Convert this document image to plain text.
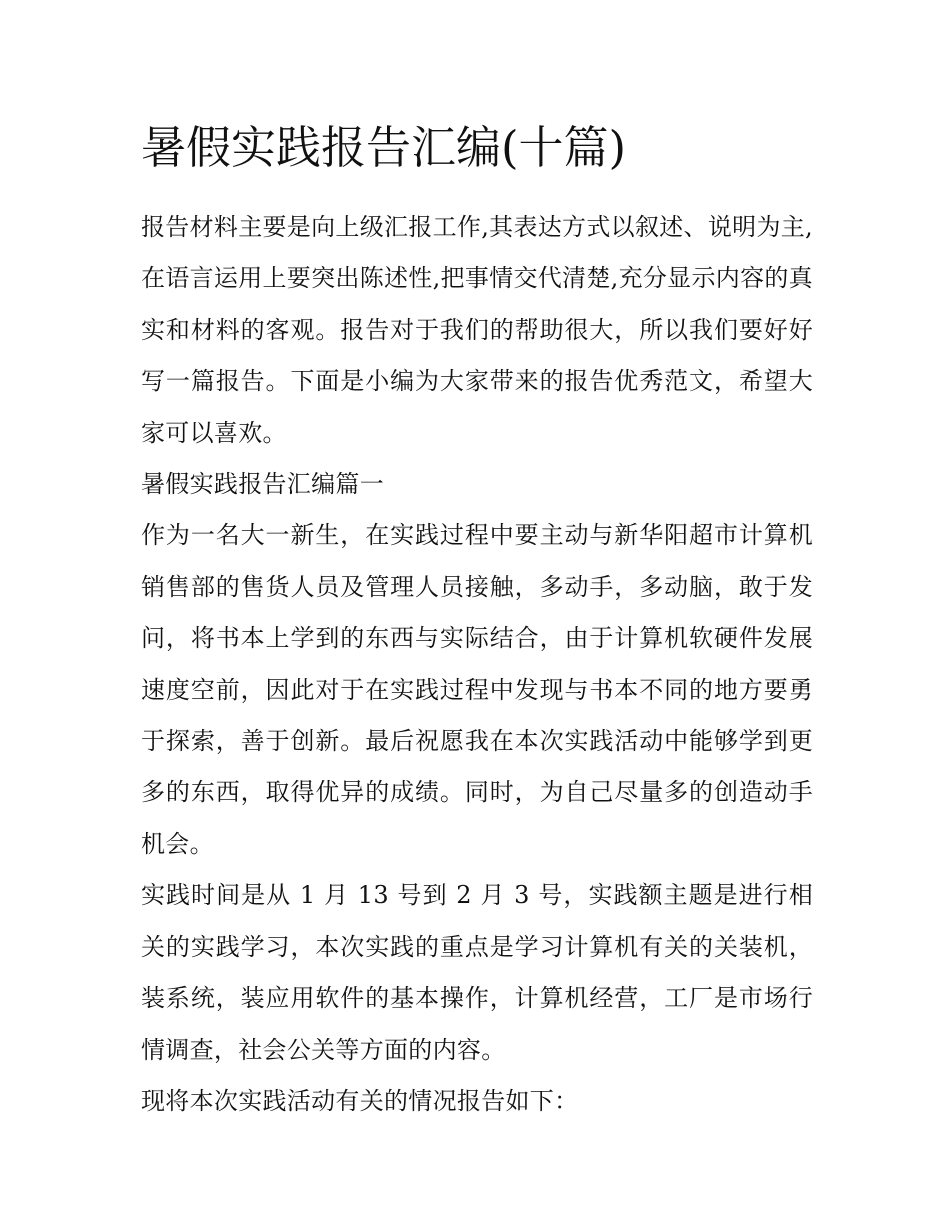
暑假实践报告汇编(十篇)

报告材料主要是向上级汇报工作,其表达方式以叙述、说明为主,在语言运用上要突出陈述性,把事情交代清楚,充分显示内容的真实和材料的客观。报告对于我们的帮助很大，所以我们要好好写一篇报告。下面是小编为大家带来的报告优秀范文，希望大家可以喜欢。

暑假实践报告汇编篇一

作为一名大一新生，在实践过程中要主动与新华阳超市计算机销售部的售货人员及管理人员接触，多动手，多动脑，敢于发问，将书本上学到的东西与实际结合，由于计算机软硬件发展速度空前，因此对于在实践过程中发现与书本不同的地方要勇于探索，善于创新。最后祝愿我在本次实践活动中能够学到更多的东西，取得优异的成绩。同时，为自己尽量多的创造动手机会。

实践时间是从 1 月 13 号到 2 月 3 号，实践额主题是进行相关的实践学习，本次实践的重点是学习计算机有关的关装机，装系统，装应用软件的基本操作，计算机经营，工厂是市场行情调查，社会公关等方面的内容。

现将本次实践活动有关的情况报告如下：
